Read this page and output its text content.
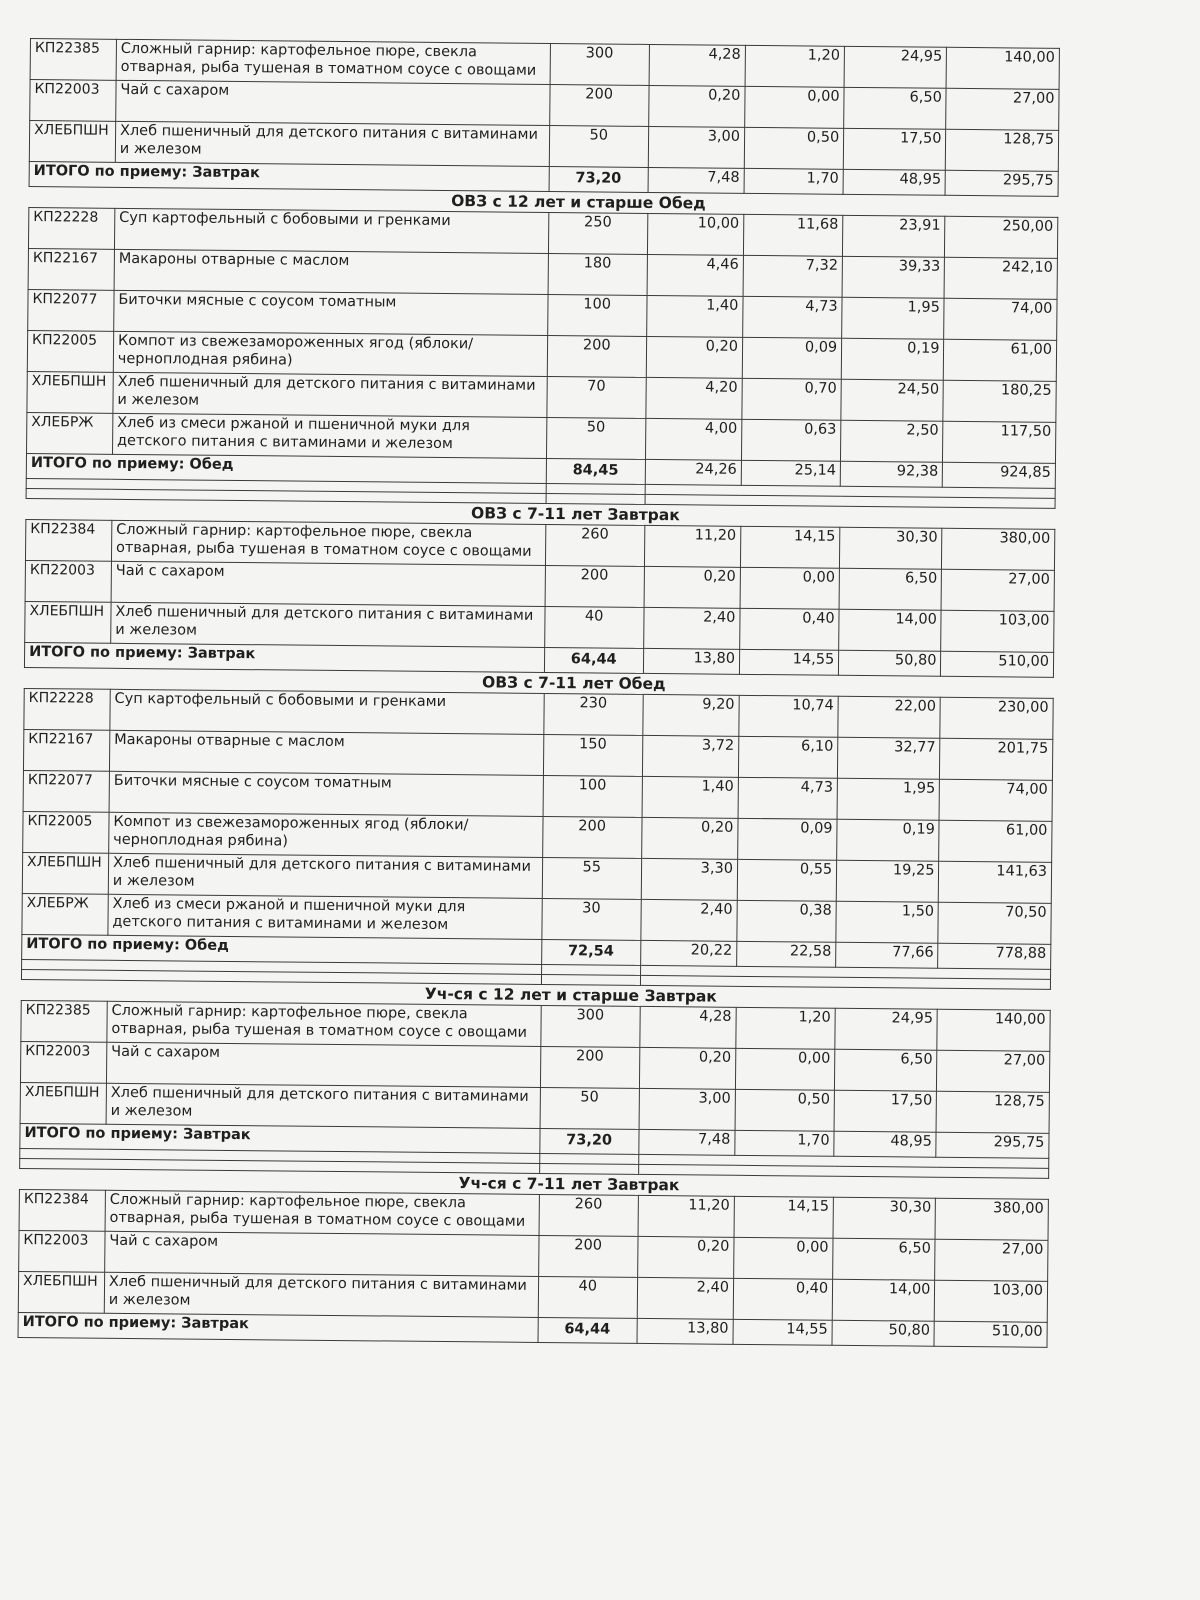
КП22385	Сложный гарнир: картофельное пюре, свекла отварная, рыба тушеная в томатном соусе с овощами	300	4,28	1,20	24,95	140,00
КП22003	Чай с сахаром	200	0,20	0,00	6,50	27,00
ХЛЕБПШН	Хлеб пшеничный для детского питания с витаминами и железом	50	3,00	0,50	17,50	128,75
ИТОГО по приему: Завтрак		73,20	7,48	1,70	48,95	295,75
ОВЗ с 12 лет и старше Обед
КП22228	Суп картофельный с бобовыми и гренками	250	10,00	11,68	23,91	250,00
КП22167	Макароны отварные с маслом	180	4,46	7,32	39,33	242,10
КП22077	Биточки мясные с соусом томатным	100	1,40	4,73	1,95	74,00
КП22005	Компот из свежезамороженных ягод (яблоки/черноплодная рябина)	200	0,20	0,09	0,19	61,00
ХЛЕБПШН	Хлеб пшеничный для детского питания с витаминами и железом	70	4,20	0,70	24,50	180,25
ХЛЕБРЖ	Хлеб из смеси ржаной и пшеничной муки для детского питания с витаминами и железом	50	4,00	0,63	2,50	117,50
ИТОГО по приему: Обед		84,45	24,26	25,14	92,38	924,85

ОВЗ с 7-11 лет Завтрак
КП22384	Сложный гарнир: картофельное пюре, свекла отварная, рыба тушеная в томатном соусе с овощами	260	11,20	14,15	30,30	380,00
КП22003	Чай с сахаром	200	0,20	0,00	6,50	27,00
ХЛЕБПШН	Хлеб пшеничный для детского питания с витаминами и железом	40	2,40	0,40	14,00	103,00
ИТОГО по приему: Завтрак		64,44	13,80	14,55	50,80	510,00
ОВЗ с 7-11 лет Обед
КП22228	Суп картофельный с бобовыми и гренками	230	9,20	10,74	22,00	230,00
КП22167	Макароны отварные с маслом	150	3,72	6,10	32,77	201,75
КП22077	Биточки мясные с соусом томатным	100	1,40	4,73	1,95	74,00
КП22005	Компот из свежезамороженных ягод (яблоки/черноплодная рябина)	200	0,20	0,09	0,19	61,00
ХЛЕБПШН	Хлеб пшеничный для детского питания с витаминами и железом	55	3,30	0,55	19,25	141,63
ХЛЕБРЖ	Хлеб из смеси ржаной и пшеничной муки для детского питания с витаминами и железом	30	2,40	0,38	1,50	70,50
ИТОГО по приему: Обед		72,54	20,22	22,58	77,66	778,88

Уч-ся с 12 лет и старше Завтрак
КП22385	Сложный гарнир: картофельное пюре, свекла отварная, рыба тушеная в томатном соусе с овощами	300	4,28	1,20	24,95	140,00
КП22003	Чай с сахаром	200	0,20	0,00	6,50	27,00
ХЛЕБПШН	Хлеб пшеничный для детского питания с витаминами и железом	50	3,00	0,50	17,50	128,75
ИТОГО по приему: Завтрак		73,20	7,48	1,70	48,95	295,75

Уч-ся с 7-11 лет Завтрак
КП22384	Сложный гарнир: картофельное пюре, свекла отварная, рыба тушеная в томатном соусе с овощами	260	11,20	14,15	30,30	380,00
КП22003	Чай с сахаром	200	0,20	0,00	6,50	27,00
ХЛЕБПШН	Хлеб пшеничный для детского питания с витаминами и железом	40	2,40	0,40	14,00	103,00
ИТОГО по приему: Завтрак		64,44	13,80	14,55	50,80	510,00
